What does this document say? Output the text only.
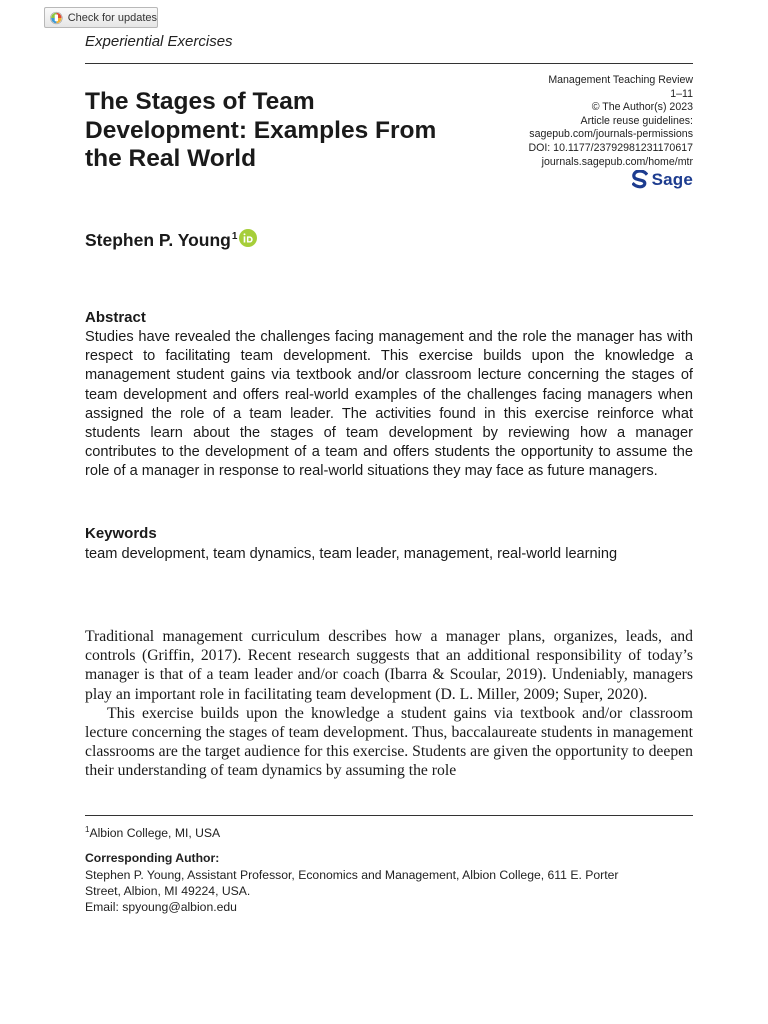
Check for updates
Experiential Exercises
The Stages of Team Development: Examples From the Real World
Management Teaching Review
1–11
© The Author(s) 2023
Article reuse guidelines:
sagepub.com/journals-permissions
DOI: 10.1177/23792981231170617
journals.sagepub.com/home/mtr
Sage
Stephen P. Young$^1$
Abstract

Studies have revealed the challenges facing management and the role the manager has with respect to facilitating team development. This exercise builds upon the knowledge a management student gains via textbook and/or classroom lecture concerning the stages of team development and offers real-world examples of the challenges facing managers when assigned the role of a team leader. The activities found in this exercise reinforce what students learn about the stages of team development by reviewing how a manager contributes to the development of a team and offers students the opportunity to assume the role of a manager in response to real-world situations they may face as future managers.

Keywords

team development, team dynamics, team leader, management, real-world learning

Traditional management curriculum describes how a manager plans, organizes, leads, and controls (Griffin, 2017). Recent research suggests that an additional responsibility of today’s manager is that of a team leader and/or coach (Ibarra & Scoular, 2019). Undeniably, managers play an important role in facilitating team development (D. L. Miller, 2009; Super, 2020).

This exercise builds upon the knowledge a student gains via textbook and/or classroom lecture concerning the stages of team development. Thus, baccalaureate students in management classrooms are the target audience for this exercise. Students are given the opportunity to deepen their understanding of team dynamics by assuming the role

$^1$Albion College, MI, USA
Corresponding Author:

Stephen P. Young, Assistant Professor, Economics and Management, Albion College, 611 E. Porter

Street, Albion, MI 49224, USA.

Email: spyoung@albion.edu
